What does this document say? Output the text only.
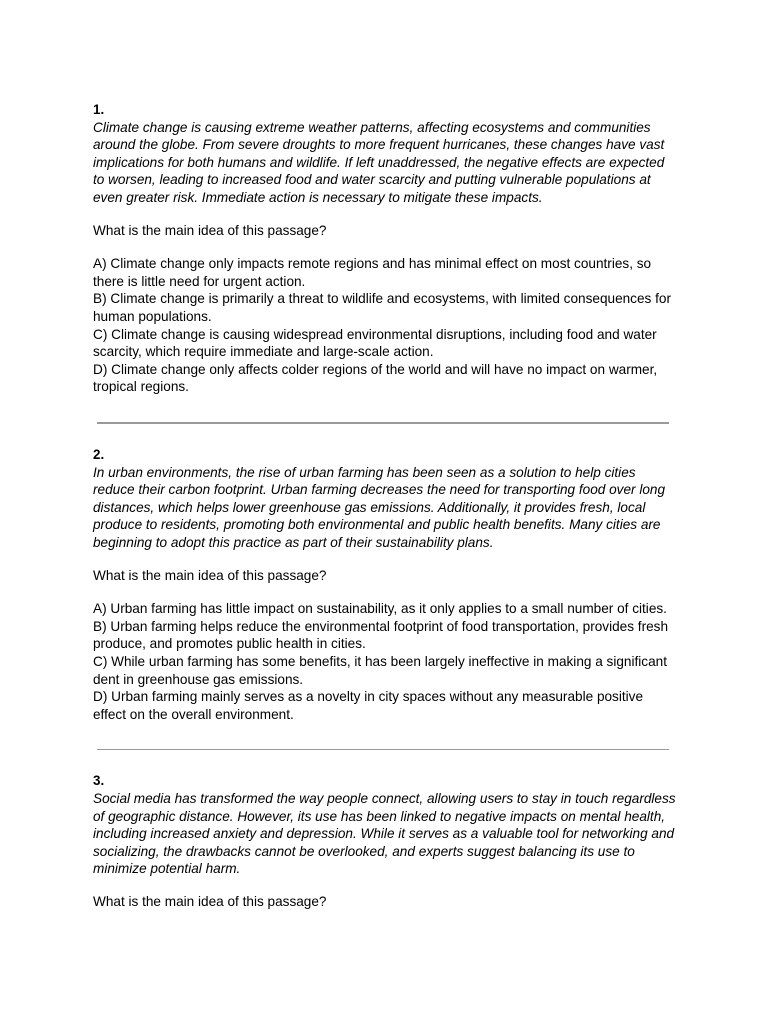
1.

Climate change is causing extreme weather patterns, affecting ecosystems and communities around the globe. From severe droughts to more frequent hurricanes, these changes have vast implications for both humans and wildlife. If left unaddressed, the negative effects are expected to worsen, leading to increased food and water scarcity and putting vulnerable populations at even greater risk. Immediate action is necessary to mitigate these impacts.

What is the main idea of this passage?

A) Climate change only impacts remote regions and has minimal effect on most countries, so there is little need for urgent action.
B) Climate change is primarily a threat to wildlife and ecosystems, with limited consequences for human populations.
C) Climate change is causing widespread environmental disruptions, including food and water scarcity, which require immediate and large-scale action.
D) Climate change only affects colder regions of the world and will have no impact on warmer, tropical regions.

2.

In urban environments, the rise of urban farming has been seen as a solution to help cities reduce their carbon footprint. Urban farming decreases the need for transporting food over long distances, which helps lower greenhouse gas emissions. Additionally, it provides fresh, local produce to residents, promoting both environmental and public health benefits. Many cities are beginning to adopt this practice as part of their sustainability plans.

What is the main idea of this passage?

A) Urban farming has little impact on sustainability, as it only applies to a small number of cities.
B) Urban farming helps reduce the environmental footprint of food transportation, provides fresh produce, and promotes public health in cities.
C) While urban farming has some benefits, it has been largely ineffective in making a significant dent in greenhouse gas emissions.
D) Urban farming mainly serves as a novelty in city spaces without any measurable positive effect on the overall environment.

3.

Social media has transformed the way people connect, allowing users to stay in touch regardless of geographic distance. However, its use has been linked to negative impacts on mental health, including increased anxiety and depression. While it serves as a valuable tool for networking and socializing, the drawbacks cannot be overlooked, and experts suggest balancing its use to minimize potential harm.

What is the main idea of this passage?
